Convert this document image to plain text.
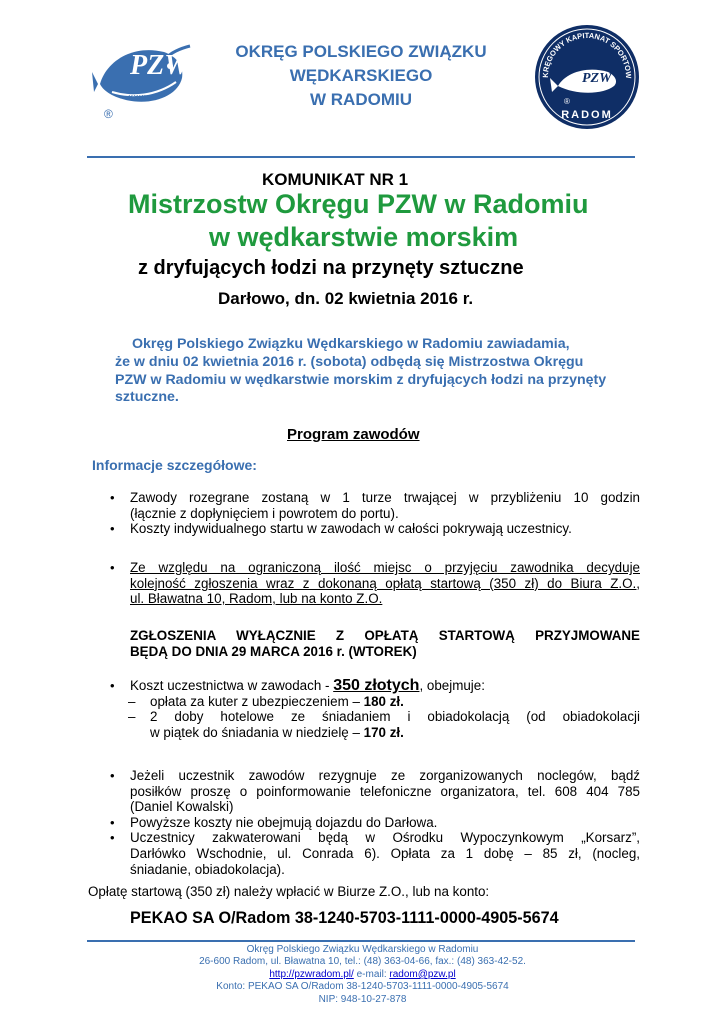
PZW
×××××
®
OKRĘG POLSKIEGO ZWIĄZKU
WĘDKARSKIEGO
W RADOMIU
KRĘGOWY KAPITANAT SPORTOW
PZW
®
RADOM
KOMUNIKAT NR 1
Mistrzostw Okręgu PZW w Radomiu
w wędkarstwie morskim
z dryfujących łodzi na przynęty sztuczne
Darłowo, dn. 02 kwietnia 2016 r.
Okręg Polskiego Związku Wędkarskiego w Radomiu zawiadamia,
że w dniu 02 kwietnia 2016 r. (sobota) odbędą się Mistrzostwa Okręgu
PZW w Radomiu w wędkarstwie morskim z dryfujących łodzi na przynęty
sztuczne.
Program zawodów
Informacje szczegółowe:
• Zawody rozegrane zostaną w 1 turze trwającej w przybliżeniu 10 godzin
(łącznie z dopłynięciem i powrotem do portu).
• Koszty indywidualnego startu w zawodach w całości pokrywają uczestnicy.
• Ze względu na ograniczoną ilość miejsc o przyjęciu zawodnika decyduje
kolejność zgłoszenia wraz z dokonaną opłatą startową (350 zł) do Biura Z.O.,
ul. Bławatna 10, Radom, lub na konto Z.O.
ZGŁOSZENIA WYŁĄCZNIE Z OPŁATĄ STARTOWĄ PRZYJMOWANE
BĘDĄ DO DNIA 29 MARCA 2016 r. (WTOREK)
• Koszt uczestnictwa w zawodach - 350 złotych, obejmuje:
– opłata za kuter z ubezpieczeniem – 180 zł.
– 2 doby hotelowe ze śniadaniem i obiadokolacją (od obiadokolacji
w piątek do śniadania w niedzielę – 170 zł.
• Jeżeli uczestnik zawodów rezygnuje ze zorganizowanych noclegów, bądź
posiłków proszę o poinformowanie telefoniczne organizatora, tel. 608 404 785
(Daniel Kowalski)
• Powyższe koszty nie obejmują dojazdu do Darłowa.
• Uczestnicy zakwaterowani będą w Ośrodku Wypoczynkowym „Korsarz”,
Darłówko Wschodnie, ul. Conrada 6). Opłata za 1 dobę – 85 zł, (nocleg,
śniadanie, obiadokolacja).
Opłatę startową (350 zł) należy wpłacić w Biurze Z.O., lub na konto:
PEKAO SA O/Radom 38-1240-5703-1111-0000-4905-5674
Okręg Polskiego Związku Wędkarskiego w Radomiu
26-600 Radom, ul. Bławatna 10, tel.: (48) 363-04-66, fax.: (48) 363-42-52.
http://pzwradom.pl/ e-mail: radom@pzw.pl
Konto: PEKAO SA O/Radom 38-1240-5703-1111-0000-4905-5674
NIP: 948-10-27-878
